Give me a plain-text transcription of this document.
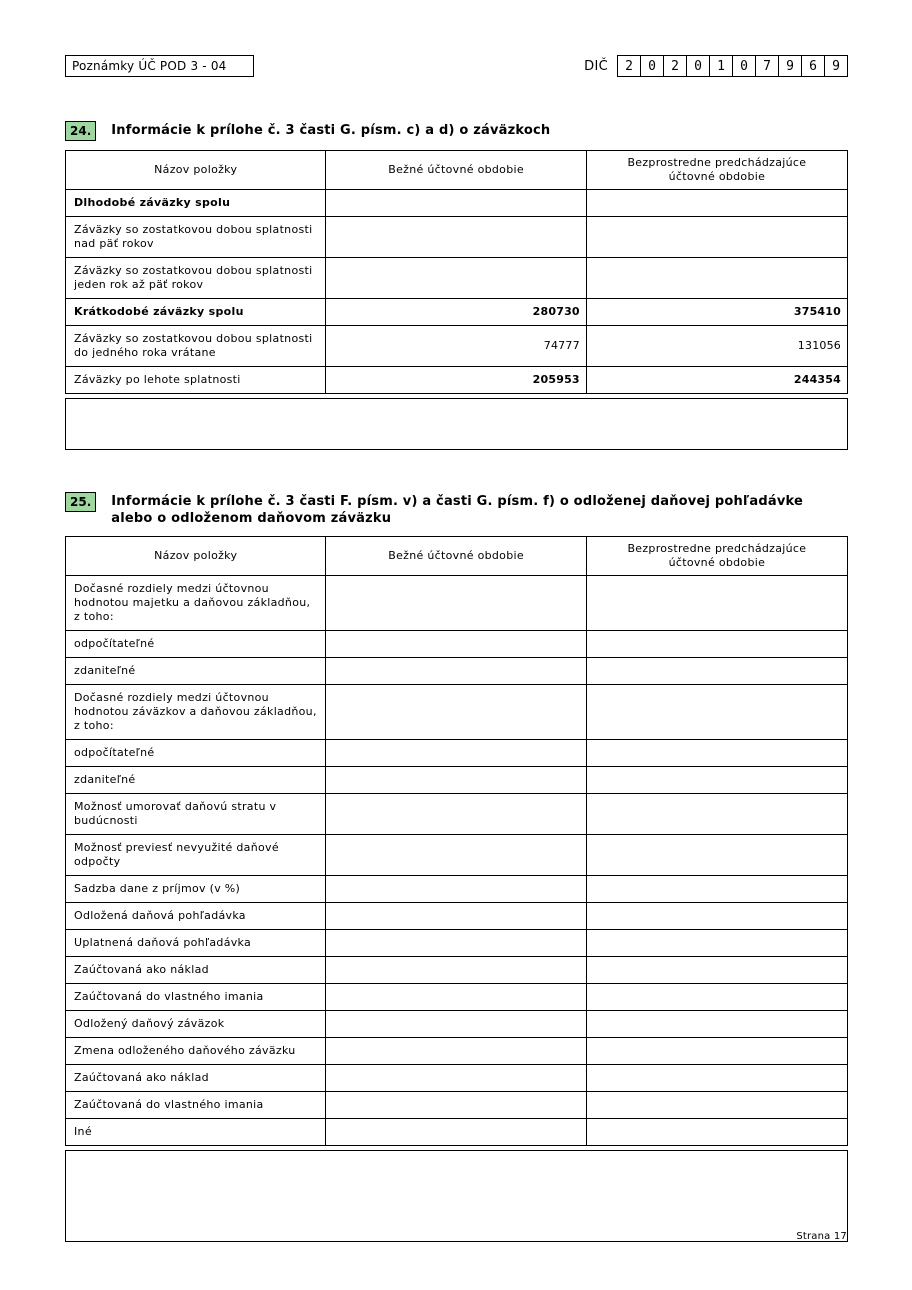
Poznámky ÚČ POD 3 - 04	DIČ	2	0	2	0	1	0	7	9	6	9
24.	Informácie k prílohe č. 3 časti G. písm. c) a d) o záväzkoch
Názov položky	Bežné účtovné obdobie	Bezprostredne predchádzajúce účtovné obdobie
Dlhodobé záväzky spolu		
Záväzky so zostatkovou dobou splatnosti nad päť rokov		
Záväzky so zostatkovou dobou splatnosti jeden rok až päť rokov		
Krátkodobé záväzky spolu	280730	375410
Záväzky so zostatkovou dobou splatnosti do jedného roka vrátane	74777	131056
Záväzky po lehote splatnosti	205953	244354
25.	Informácie k prílohe č. 3 časti F. písm. v) a časti G. písm. f) o odloženej daňovej pohľadávke alebo o odloženom daňovom záväzku
Názov položky	Bežné účtovné obdobie	Bezprostredne predchádzajúce účtovné obdobie
Dočasné rozdiely medzi účtovnou hodnotou majetku a daňovou základňou, z toho:		
odpočítateľné		
zdaniteľné		
Dočasné rozdiely medzi účtovnou hodnotou záväzkov a daňovou základňou, z toho:		
odpočítateľné		
zdaniteľné		
Možnosť umorovať daňovú stratu v budúcnosti		
Možnosť previesť nevyužité daňové odpočty		
Sadzba dane z príjmov (v %)		
Odložená daňová pohľadávka		
Uplatnená daňová pohľadávka		
Zaúčtovaná ako náklad		
Zaúčtovaná do vlastného imania		
Odložený daňový záväzok		
Zmena odloženého daňového záväzku		
Zaúčtovaná ako náklad		
Zaúčtovaná do vlastného imania		
Iné		
Strana 17
